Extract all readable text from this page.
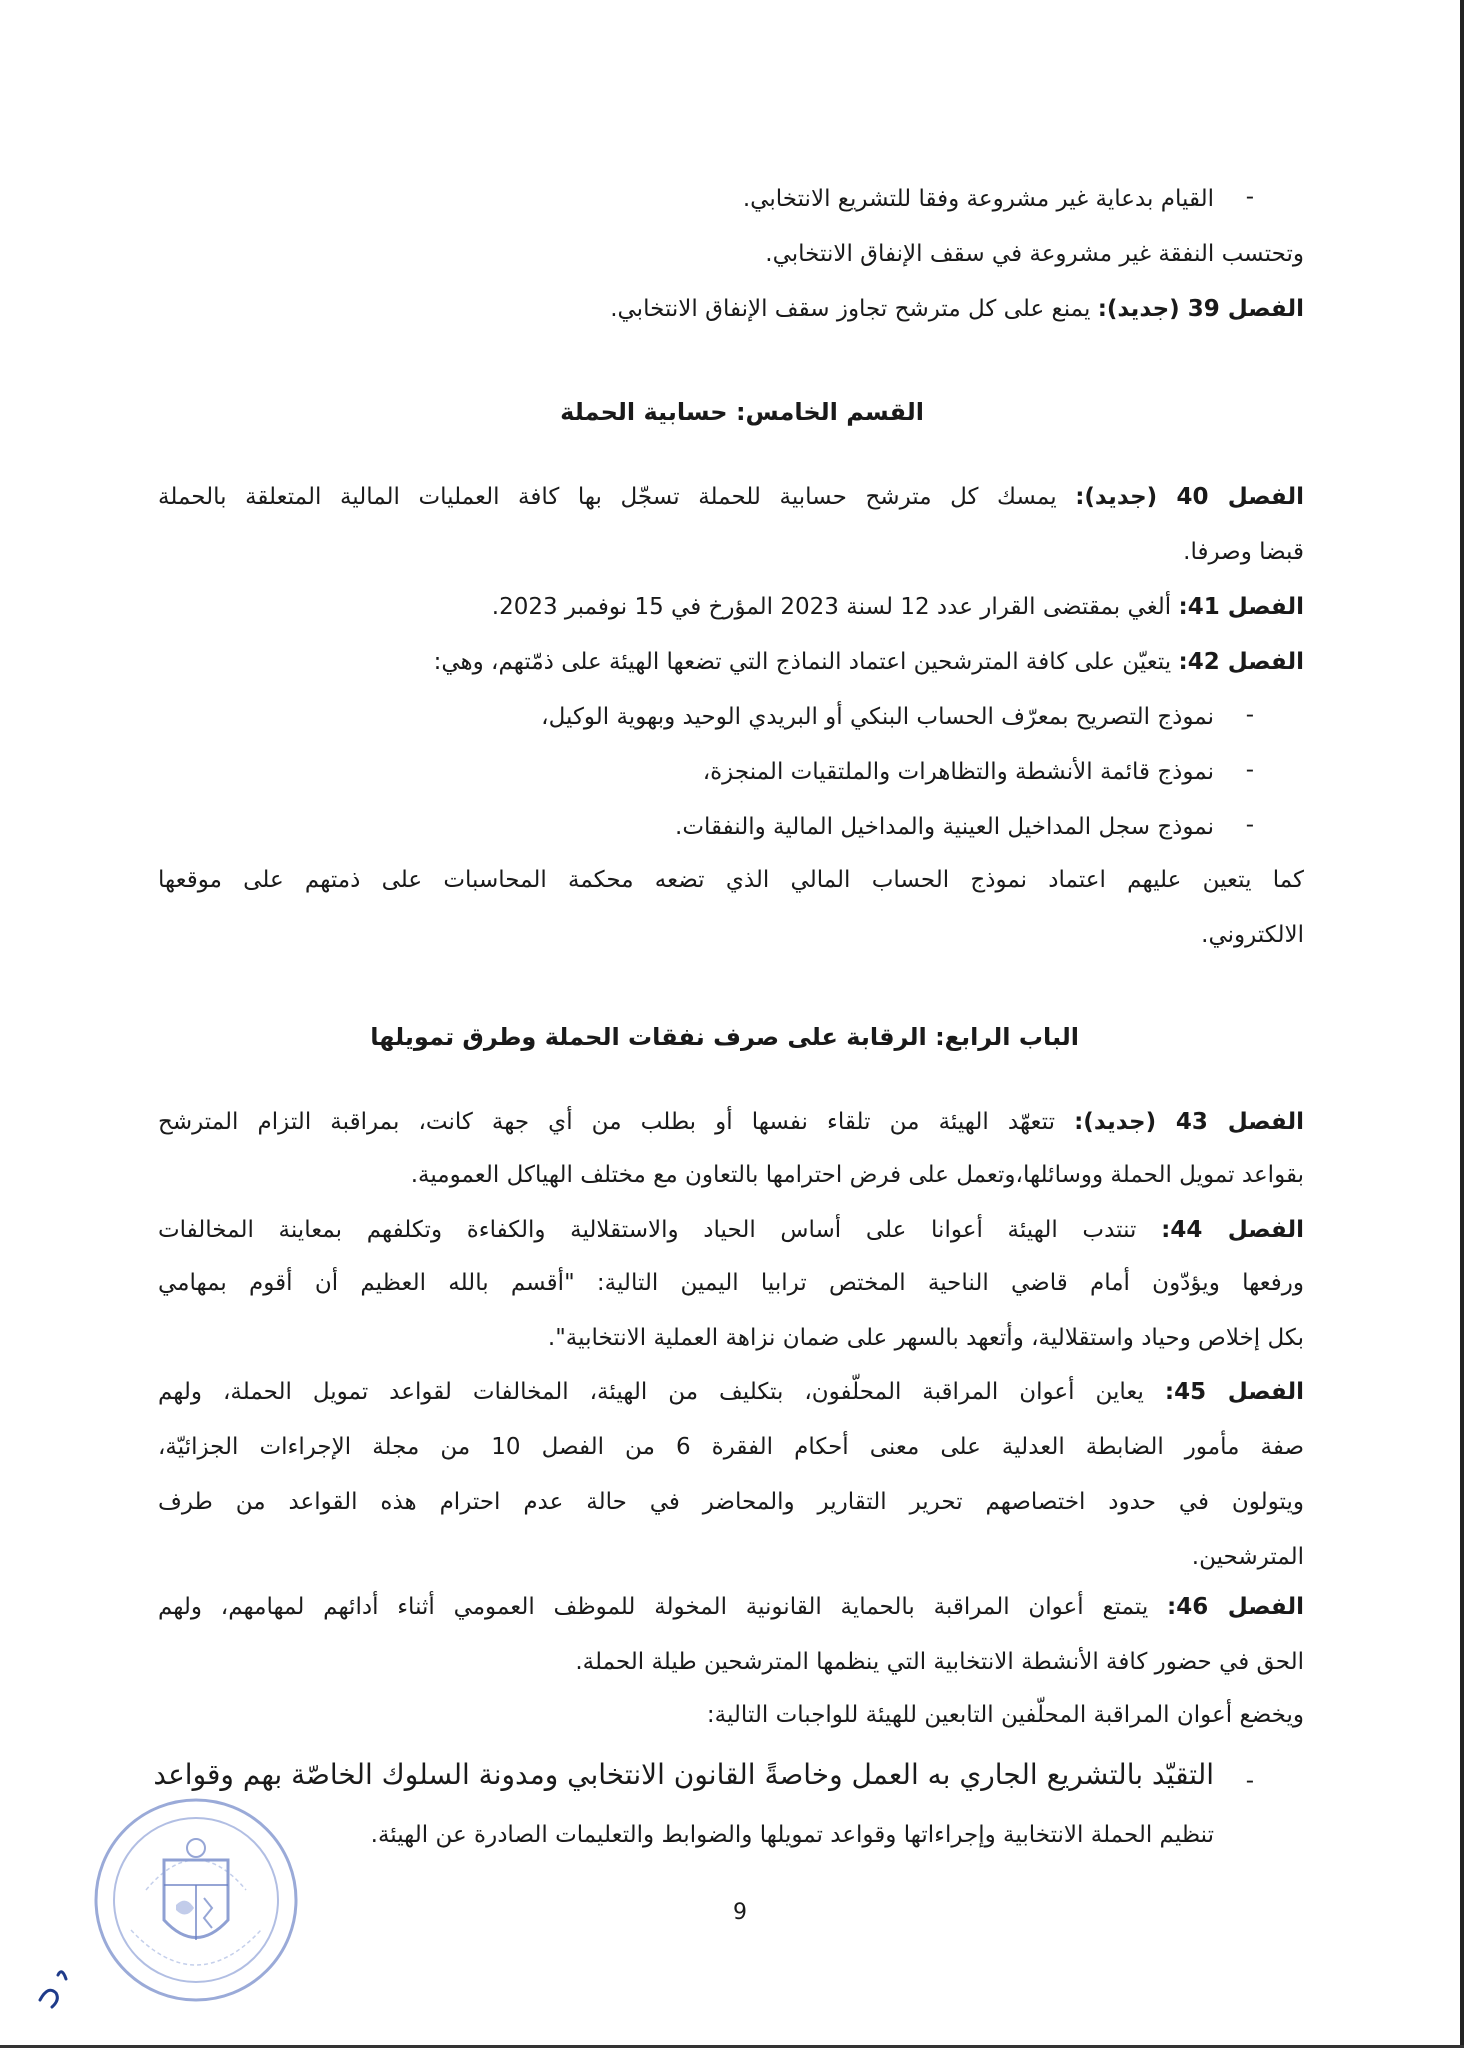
-
القيام بدعاية غير مشروعة وفقا للتشريع الانتخابي.
وتحتسب النفقة غير مشروعة في سقف الإنفاق الانتخابي.
الفصل 39 (جديد): يمنع على كل مترشح تجاوز سقف الإنفاق الانتخابي.
القسم الخامس: حسابية الحملة
الفصل 40 (جديد): يمسك كل مترشح حسابية للحملة تسجّل بها كافة العمليات المالية المتعلقة بالحملة
قبضا وصرفا.
الفصل 41: ألغي بمقتضى القرار عدد 12 لسنة 2023 المؤرخ في 15 نوفمبر 2023.
الفصل 42: يتعيّن على كافة المترشحين اعتماد النماذج التي تضعها الهيئة على ذمّتهم، وهي:
-
نموذج التصريح بمعرّف الحساب البنكي أو البريدي الوحيد وبهوية الوكيل،
-
نموذج قائمة الأنشطة والتظاهرات والملتقيات المنجزة،
-
نموذج سجل المداخيل العينية والمداخيل المالية والنفقات.
كما يتعين عليهم اعتماد نموذج الحساب المالي الذي تضعه محكمة المحاسبات على ذمتهم على موقعها
الالكتروني.
الباب الرابع: الرقابة على صرف نفقات الحملة وطرق تمويلها
الفصل 43 (جديد): تتعهّد الهيئة من تلقاء نفسها أو بطلب من أي جهة كانت، بمراقبة التزام المترشح
بقواعد تمويل الحملة ووسائلها،وتعمل على فرض احترامها بالتعاون مع مختلف الهياكل العمومية.
الفصل 44: تنتدب الهيئة أعوانا على أساس الحياد والاستقلالية والكفاءة وتكلفهم بمعاينة المخالفات
ورفعها ويؤدّون أمام قاضي الناحية المختص ترابيا اليمين التالية: "أقسم بالله العظيم أن أقوم بمهامي
بكل إخلاص وحياد واستقلالية، وأتعهد بالسهر على ضمان نزاهة العملية الانتخابية".
الفصل 45: يعاين أعوان المراقبة المحلّفون، بتكليف من الهيئة، المخالفات لقواعد تمويل الحملة، ولهم
صفة مأمور الضابطة العدلية على معنى أحكام الفقرة 6 من الفصل 10 من مجلة الإجراءات الجزائيّة،
ويتولون في حدود اختصاصهم تحرير التقارير والمحاضر في حالة عدم احترام هذه القواعد من طرف
المترشحين.
الفصل 46: يتمتع أعوان المراقبة بالحماية القانونية المخولة للموظف العمومي أثناء أدائهم لمهامهم، ولهم
الحق في حضور كافة الأنشطة الانتخابية التي ينظمها المترشحين طيلة الحملة.
ويخضع أعوان المراقبة المحلّفين التابعين للهيئة للواجبات التالية:
-
التقيّد بالتشريع الجاري به العمل وخاصةً القانون الانتخابي ومدونة السلوك الخاصّة بهم وقواعد
تنظيم الحملة الانتخابية وإجراءاتها وقواعد تمويلها والضوابط والتعليمات الصادرة عن الهيئة.
9
